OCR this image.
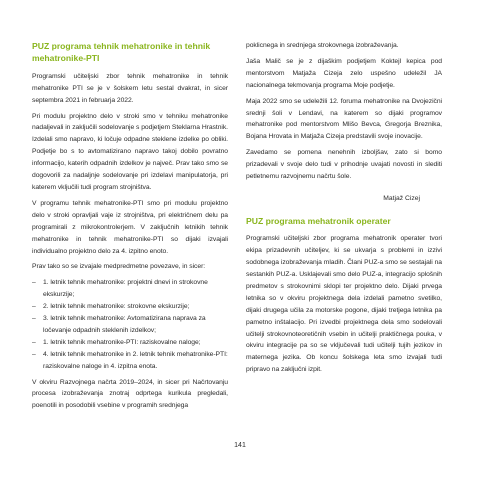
PUZ programa tehnik mehatronike in tehnik mehatronike-PTI

Programski učiteljski zbor tehnik mehatronike in tehnik mehatronike PTI se je v šolskem letu sestal dvakrat, in sicer septembra 2021 in februarja 2022.

Pri modulu projektno delo v stroki smo v tehniku mehatronike nadaljevali in zaključili sodelovanje s podjetjem Steklarna Hrastnik. Izdelali smo napravo, ki ločuje odpadne steklene izdelke po obliki. Podjetje bo s to avtomatizirano napravo takoj dobilo povratno informacijo, katerih odpadnih izdelkov je največ. Prav tako smo se dogovorili za nadaljnje sodelovanje pri izdelavi manipulatorja, pri katerem vključili tudi program strojništva.

V programu tehnik mehatronike-PTI smo pri modulu projektno delo v stroki opravljali vaje iz strojništva, pri električnem delu pa programirali z mikrokontrolerjem. V zaključnih letnikih tehnik mehatronike in tehnik mehatronike-PTI so dijaki izvajali individualno projektno delo za 4. izpitno enoto.

Prav tako so se izvajale medpredmetne povezave, in sicer:

– 1. letnik tehnik mehatronike: projektni dnevi in strokovne ekskurzije;
– 2. letnik tehnik mehatronike: strokovne ekskurzije;
– 3. letnik tehnik mehatronike: Avtomatizirana naprava za ločevanje odpadnih steklenih izdelkov;
– 1. letnik tehnik mehatronike-PTI: raziskovalne naloge;
– 4. letnik tehnik mehatronike in 2. letnik tehnik mehatronike-PTI: raziskovalne naloge in 4. izpitna enota.

V okviru Razvojnega načrta 2019–2024, in sicer pri Načrtovanju procesa izobraževanja znotraj odprtega kurikula pregledali, poenotili in posodobili vsebine v programih srednjega

poklicnega in srednjega strokovnega izobraževanja.

Jaša Malič se je z dijaškim podjetjem Koktejl kepica pod mentorstvom Matjaža Cizeja zelo uspešno udeležil JA nacionalnega tekmovanja programa Moje podjetje.

Maja 2022 smo se udeležili 12. foruma mehatronike na Dvojezični srednji šoli v Lendavi, na katerem so dijaki programov mehatronike pod mentorstvom Mlišo Bevca, Gregorja Breznika, Bojana Hrovata in Matjaža Cizeja predstavili svoje inovacije.

Zavedamo se pomena nenehnih izboljšav, zato si bomo prizadevali v svoje delo tudi v prihodnje uvajati novosti in slediti petletnemu razvojnemu načrtu šole.

Matjaž Cizej
PUZ programa mehatronik operater

Programski učiteljski zbor programa mehatronik operater tvori ekipa prizadevnih učiteljev, ki se ukvarja s problemi in izzivi sodobnega izobraževanja mladih. Člani PUZ-a smo se sestajali na sestankih PUZ-a. Usklajevali smo delo PUZ-a, integracijo splošnih predmetov s strokovnimi sklopi ter projektno delo. Dijaki prvega letnika so v okviru projektnega dela izdelali pametno svetilko, dijaki drugega učila za motorske pogone, dijaki tretjega letnika pa pametno inštalacijo. Pri izvedbi projektnega dela smo sodelovali učitelji strokovnoteoretičnih vsebin in učitelji praktičnega pouka, v okviru integracije pa so se vključevali tudi učitelji tujih jezikov in maternega jezika. Ob koncu šolskega leta smo izvajali tudi pripravo na zaključni izpit.

141
